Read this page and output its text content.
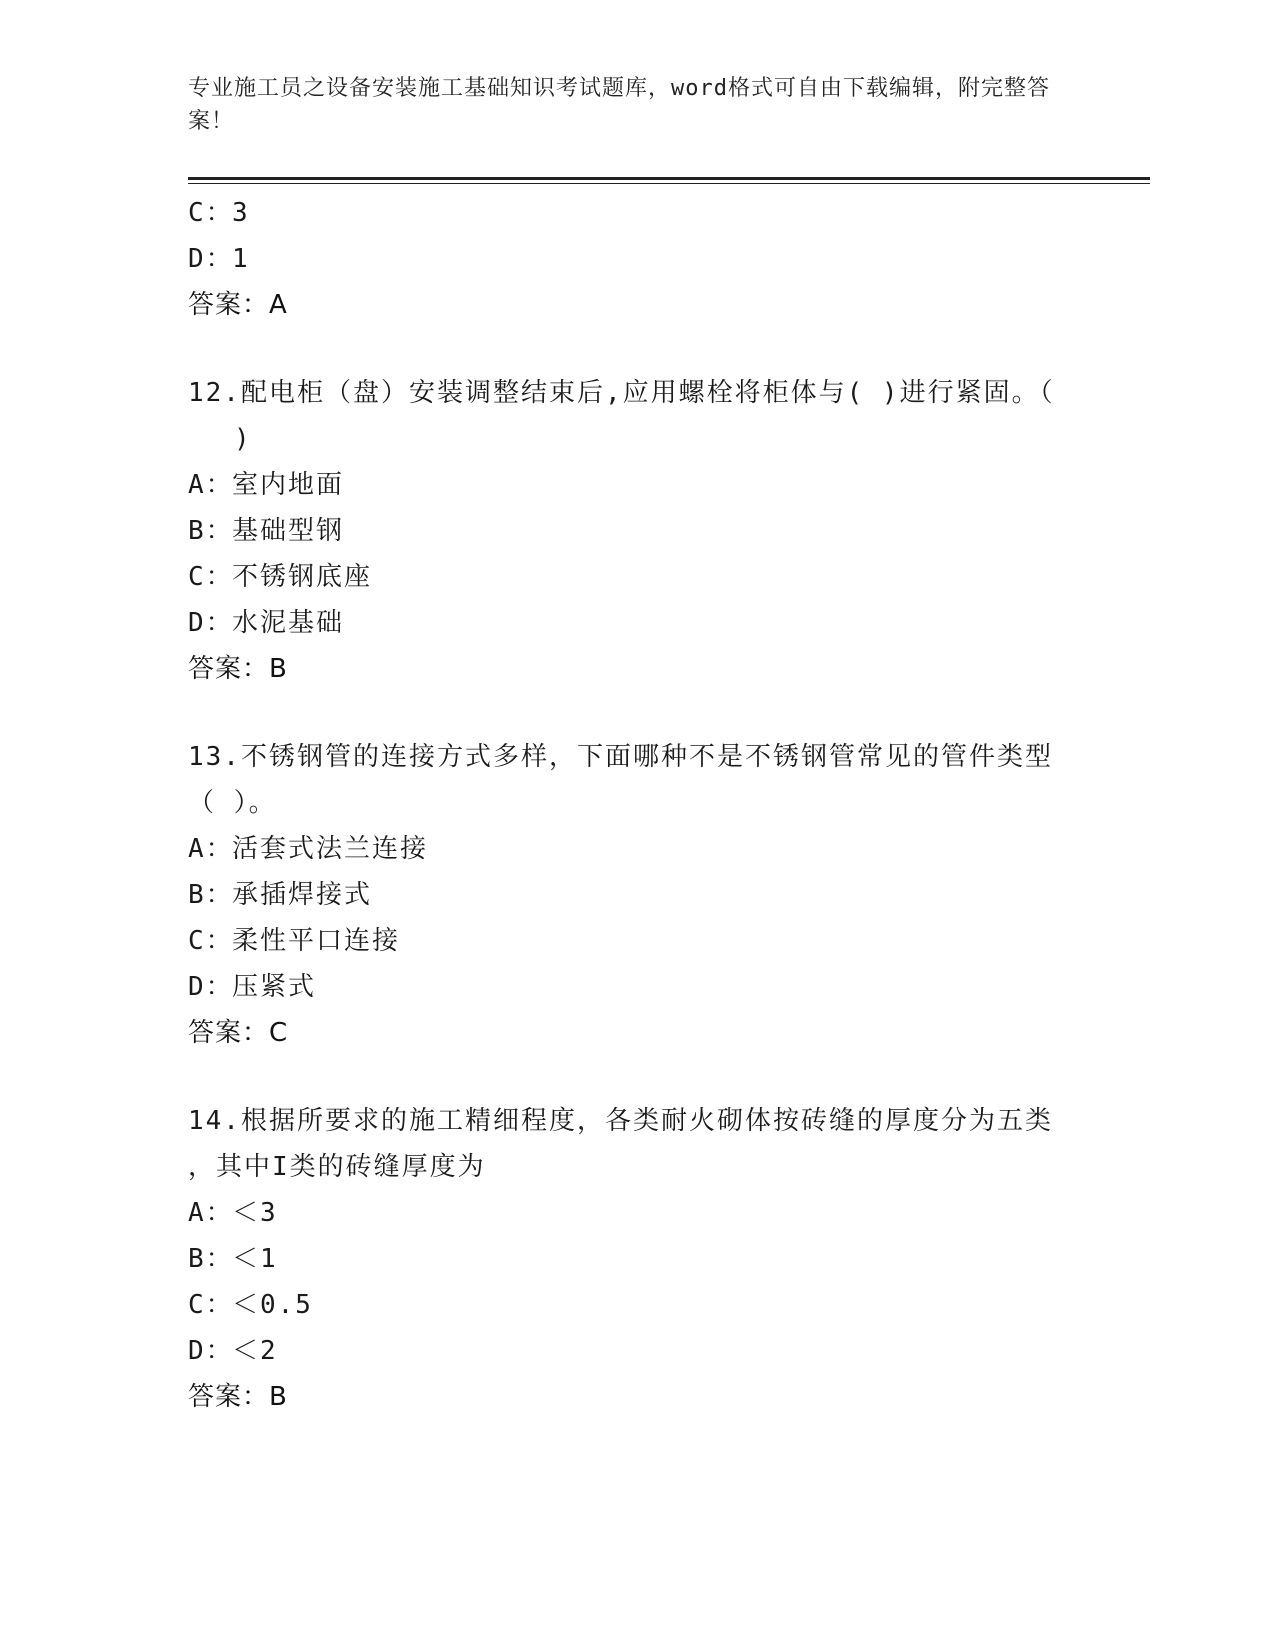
专业施工员之设备安装施工基础知识考试题库，word格式可自由下载编辑，附完整答案！
C：3
D：1
答案：A
12.配电柜（盘）安装调整结束后,应用螺栓将柜体与( )进行紧固。（
)
A：室内地面
B：基础型钢
C：不锈钢底座
D：水泥基础
答案：B
13.不锈钢管的连接方式多样，下面哪种不是不锈钢管常见的管件类型
（ ）。
A：活套式法兰连接
B：承插焊接式
C：柔性平口连接
D：压紧式
答案：C
14.根据所要求的施工精细程度，各类耐火砌体按砖缝的厚度分为五类
，其中I类的砖缝厚度为
A：＜3
B：＜1
C：＜0.5
D：＜2
答案：B
